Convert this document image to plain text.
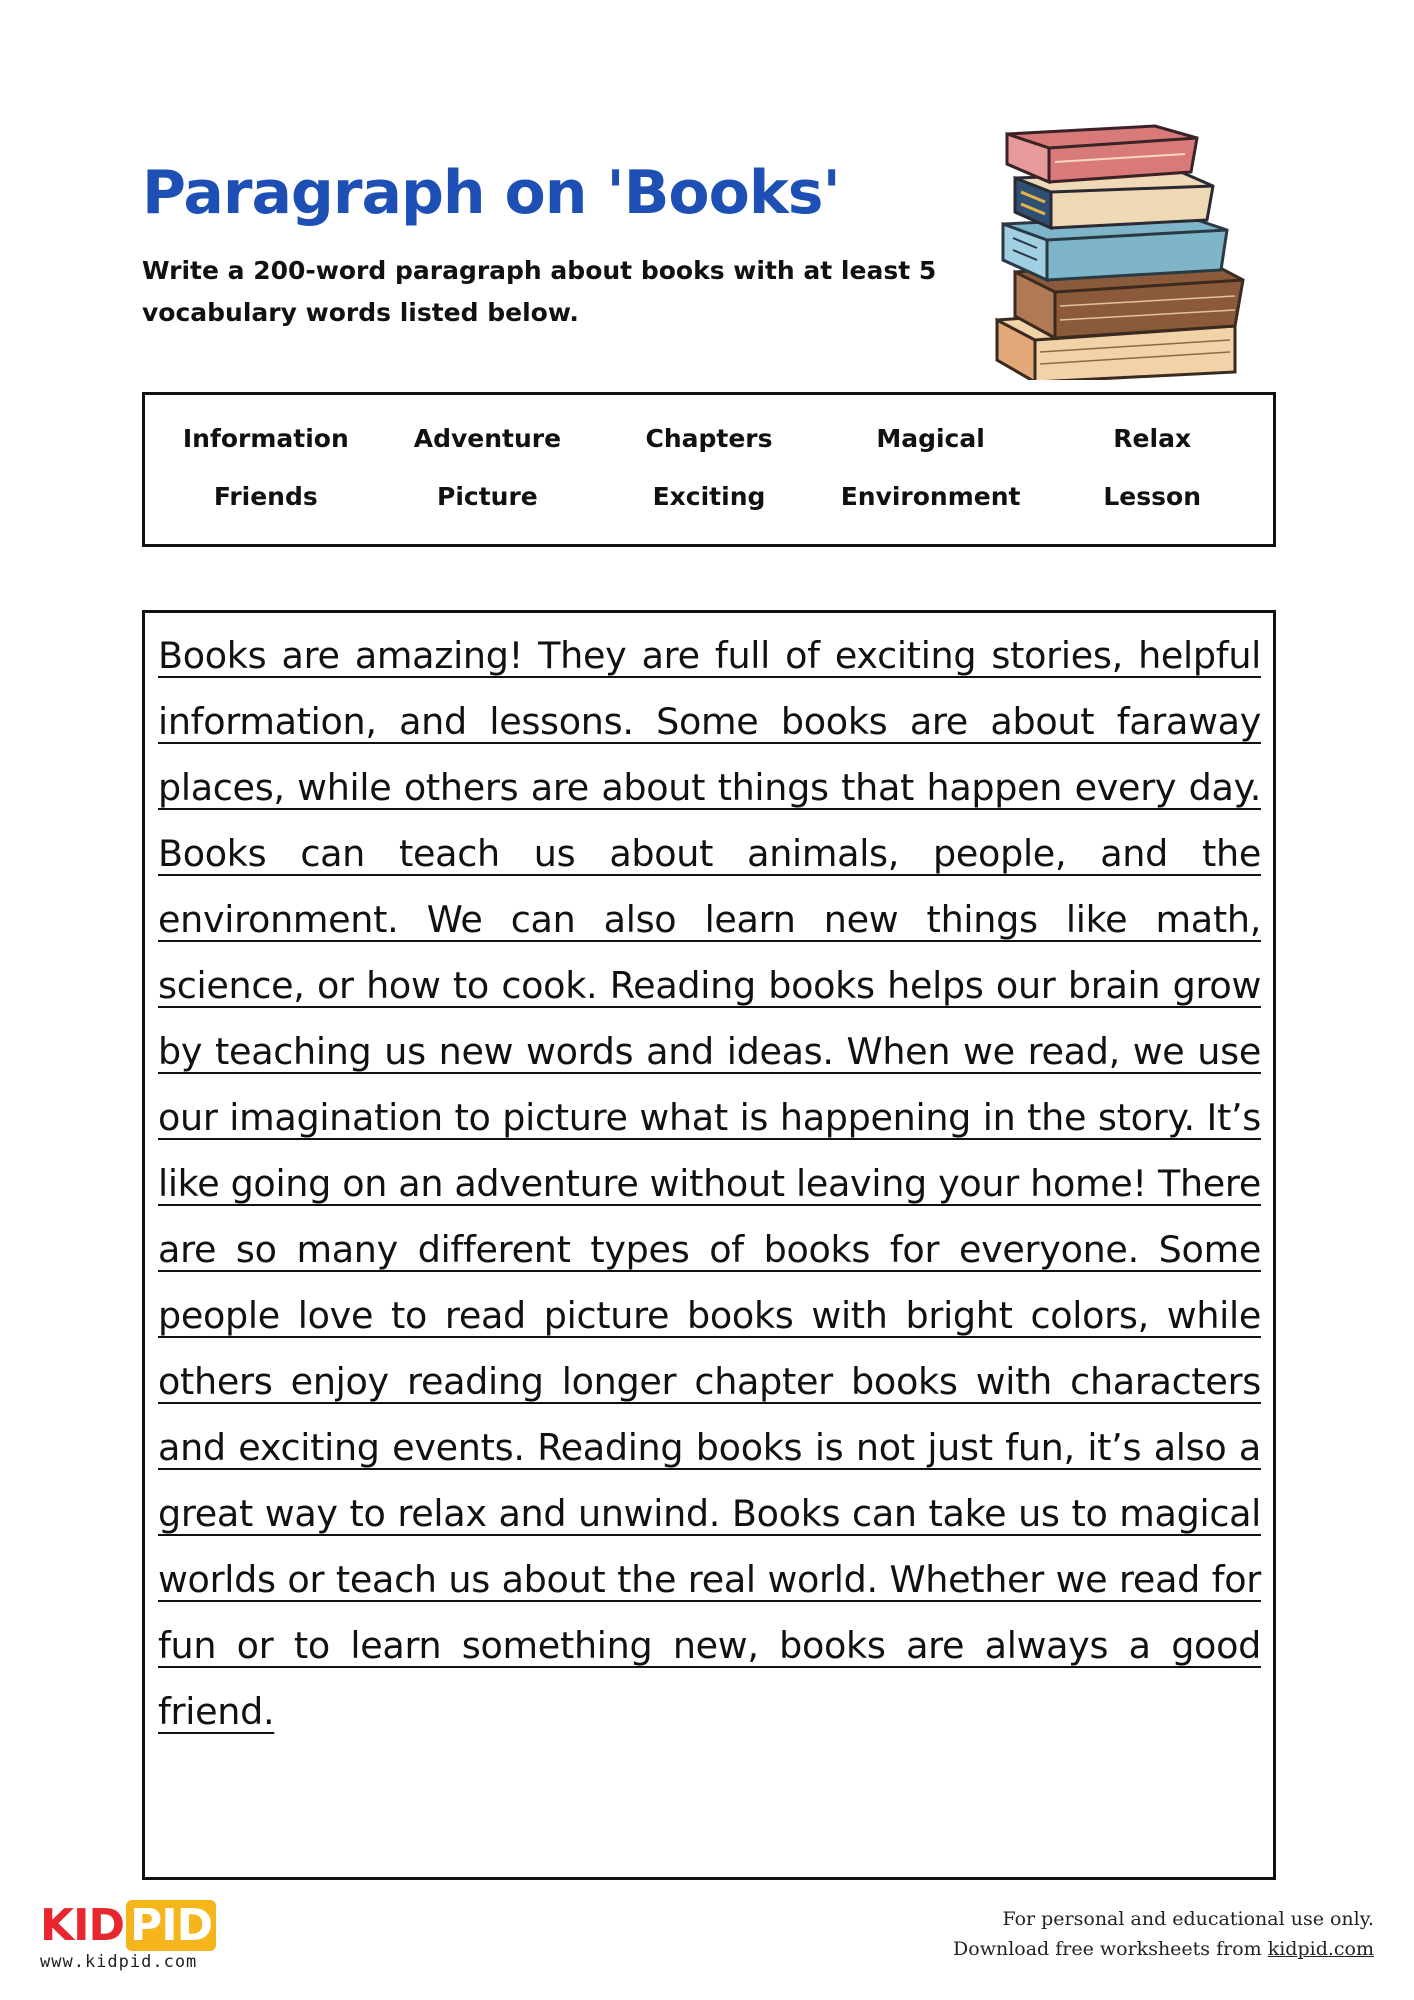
Paragraph on 'Books'

Write a 200-word paragraph about books with at least 5 vocabulary words listed below.

Information	Adventure	Chapters	Magical	Relax
Friends	Picture	Exciting	Environment	Lesson

Books are amazing! They are full of exciting stories, helpful information, and lessons. Some books are about faraway places, while others are about things that happen every day. Books can teach us about animals, people, and the environment. We can also learn new things like math, science, or how to cook. Reading books helps our brain grow by teaching us new words and ideas. When we read, we use our imagination to picture what is happening in the story. It’s like going on an adventure without leaving your home! There are so many different types of books for everyone. Some people love to read picture books with bright colors, while others enjoy reading longer chapter books with characters and exciting events. Reading books is not just fun, it’s also a great way to relax and unwind. Books can take us to magical worlds or teach us about the real world. Whether we read for fun or to learn something new, books are always a good friend.

KID PID
www.kidpid.com
For personal and educational use only.
Download free worksheets from kidpid.com
